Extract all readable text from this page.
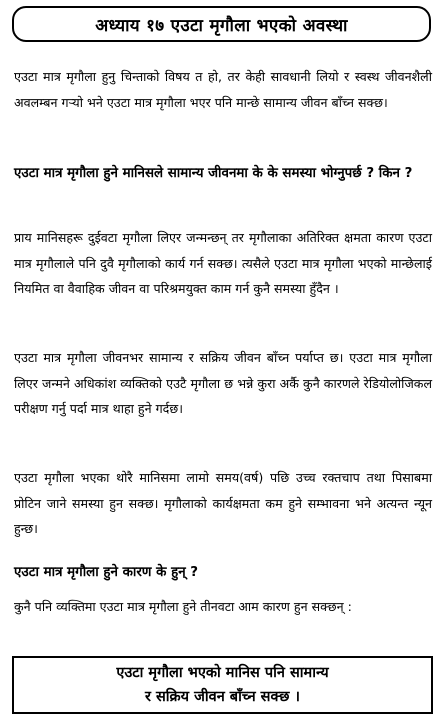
अध्याय १७ एउटा मृगौला भएको अवस्था

एउटा मात्र मृगौला हुनु चिन्ताको विषय त हो, तर केही सावधानी लियो र स्वस्थ जीवनशैली अवलम्बन गऱ्यो भने एउटा मात्र मृगौला भएर पनि मान्छे सामान्य जीवन बाँच्न सक्छ।

एउटा मात्र मृगौला हुने मानिसले सामान्य जीवनमा के के समस्या भोग्नुपर्छ ? किन ?

प्राय मानिसहरू दुईवटा मृगौला लिएर जन्मन्छन् तर मृगौलाका अतिरिक्त क्षमता कारण एउटा मात्र मृगौलाले पनि दुवै मृगौलाको कार्य गर्न सक्छ। त्यसैले एउटा मात्र मृगौला भएको मान्छेलाई नियमित वा वैवाहिक जीवन वा परिश्रमयुक्त काम गर्न कुनै समस्या हुँदैन ।

एउटा मात्र मृगौला जीवनभर सामान्य र सक्रिय जीवन बाँच्न पर्याप्त छ। एउटा मात्र मृगौला लिएर जन्मने अधिकांश व्यक्तिको एउटै मृगौला छ भन्ने कुरा अर्कै कुनै कारणले रेडियोलोजिकल परीक्षण गर्नु पर्दा मात्र थाहा हुने गर्दछ।

एउटा मृगौला भएका थोरै मानिसमा लामो समय(वर्ष) पछि उच्च रक्तचाप तथा पिसाबमा प्रोटिन जाने समस्या हुन सक्छ। मृगौलाको कार्यक्षमता कम हुने सम्भावना भने अत्यन्त न्यून हुन्छ।

एउटा मात्र मृगौला हुने कारण के हुन् ?

कुनै पनि व्यक्तिमा एउटा मात्र मृगौला हुने तीनवटा आम कारण हुन सक्छन् :

एउटा मृगौला भएको मानिस पनि सामान्य
र सक्रिय जीवन बाँच्न सक्छ ।
